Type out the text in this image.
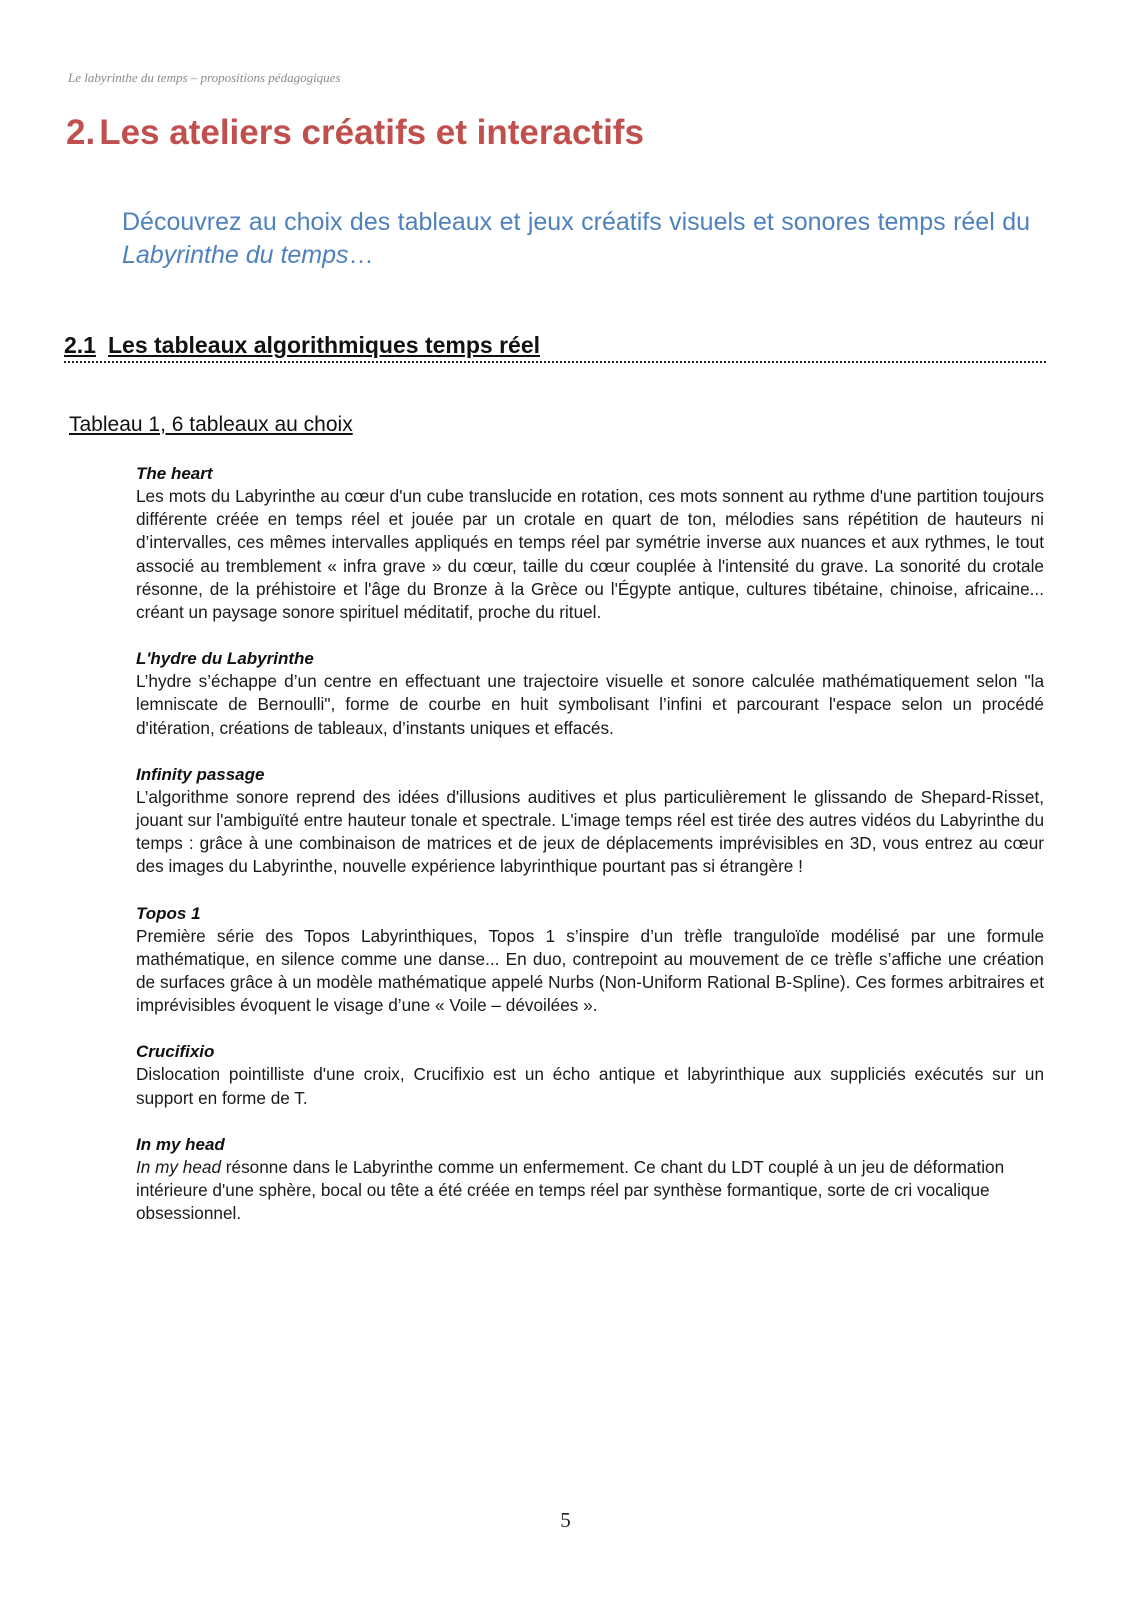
Le labyrinthe du temps – propositions pédagogiques
2. Les ateliers créatifs et interactifs

Découvrez au choix des tableaux et jeux créatifs visuels et sonores temps réel du Labyrinthe du temps…

2.1 Les tableaux algorithmiques temps réel
Tableau 1, 6 tableaux au choix
The heart

Les mots du Labyrinthe au cœur d'un cube translucide en rotation, ces mots sonnent au rythme d'une partition toujours différente créée en temps réel et jouée par un crotale en quart de ton, mélodies sans répétition de hauteurs ni d’intervalles, ces mêmes intervalles appliqués en temps réel par symétrie inverse aux nuances et aux rythmes, le tout associé au tremblement « infra grave » du cœur, taille du cœur couplée à l'intensité du grave. La sonorité du crotale résonne, de la préhistoire et l'âge du Bronze à la Grèce ou l'Égypte antique, cultures tibétaine, chinoise, africaine... créant un paysage sonore spirituel méditatif, proche du rituel.

L'hydre du Labyrinthe

L’hydre s’échappe d’un centre en effectuant une trajectoire visuelle et sonore calculée mathématiquement selon "la lemniscate de Bernoulli", forme de courbe en huit symbolisant l’infini et parcourant l'espace selon un procédé d'itération, créations de tableaux, d’instants uniques et effacés.

Infinity passage

L’algorithme sonore reprend des idées d'illusions auditives et plus particulièrement le glissando de Shepard-Risset, jouant sur l'ambiguïté entre hauteur tonale et spectrale. L'image temps réel est tirée des autres vidéos du Labyrinthe du temps : grâce à une combinaison de matrices et de jeux de déplacements imprévisibles en 3D, vous entrez au cœur des images du Labyrinthe, nouvelle expérience labyrinthique pourtant pas si étrangère !

Topos 1

Première série des Topos Labyrinthiques, Topos 1 s’inspire d’un trèfle tranguloïde modélisé par une formule mathématique, en silence comme une danse... En duo, contrepoint au mouvement de ce trèfle s’affiche une création de surfaces grâce à un modèle mathématique appelé Nurbs (Non-Uniform Rational B-Spline). Ces formes arbitraires et imprévisibles évoquent le visage d’une « Voile – dévoilées ».

Crucifixio

Dislocation pointilliste d'une croix, Crucifixio est un écho antique et labyrinthique aux suppliciés exécutés sur un support en forme de T.

In my head

In my head résonne dans le Labyrinthe comme un enfermement. Ce chant du LDT couplé à un jeu de déformation intérieure d'une sphère, bocal ou tête a été créée en temps réel par synthèse formantique, sorte de cri vocalique obsessionnel.

5
